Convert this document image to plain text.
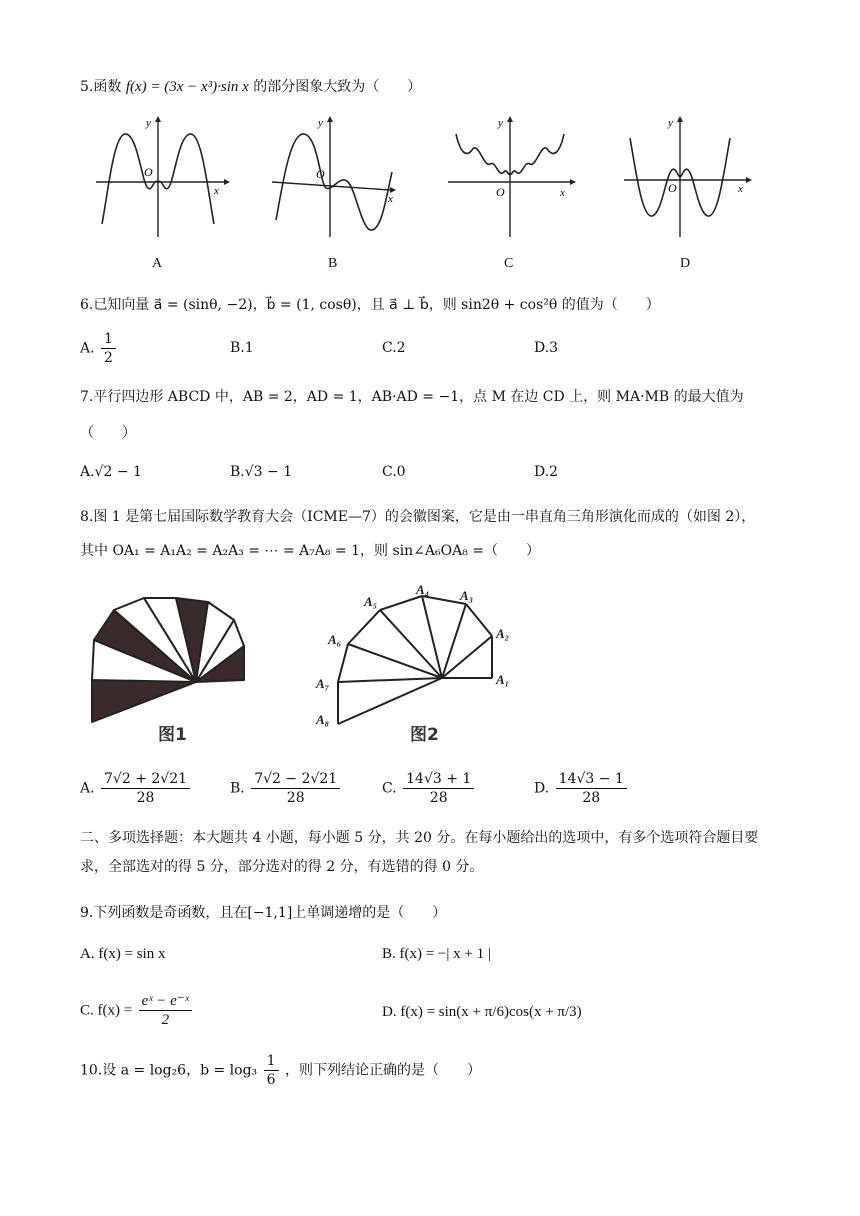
5.函数 f(x) = (3x − x³)·sin x 的部分图象大致为（　　）
y
x
O
y
x
O
y
x
O
y
x
O
A	B	C	D
6.已知向量 a⃗ = (sinθ, −2)，b⃗ = (1, cosθ)，且 a⃗ ⊥ b⃗，则 sin2θ + cos²θ 的值为（　　）
A. $\frac{1}{2}$	B.1	C.2	D.3
7.平行四边形 ABCD 中，AB = 2，AD = 1，AB·AD = −1，点 M 在边 CD 上，则 MA·MB 的最大值为
（　　）
A.√2 − 1	B.√3 − 1	C.0	D.2
8.图 1 是第七届国际数学教育大会（ICME—7）的会徽图案，它是由一串直角三角形演化而成的（如图 2），
其中 OA₁ = A₁A₂ = A₂A₃ = ⋯ = A₇A₈ = 1，则 sin∠A₆OA₈ =（　　）
图1
A₁
A₂
A₃
A₄
A₅
A₆
A₇
A₈
图2
A. $\frac{7√2 + 2√21}{28}$	B. $\frac{7√2 - 2√21}{28}$	C. $\frac{14√3 + 1}{28}$	D. $\frac{14√3 - 1}{28}$
二、多项选择题：本大题共 4 小题，每小题 5 分，共 20 分。在每小题给出的选项中，有多个选项符合题目要求，全部选对的得 5 分，部分选对的得 2 分，有选错的得 0 分。
9.下列函数是奇函数，且在[−1,1]上单调递增的是（　　）
A. f(x) = sin x	B. f(x) = −| x + 1 |
C. $f(x) = \frac{\text{eˣ − e⁻ˣ}}{2}$	D. f(x) = sin(x + π/6)cos(x + π/3)
10.设 a = log₂6，$b = \log_3 \frac{1}{6}$ ，则下列结论正确的是（　　）
